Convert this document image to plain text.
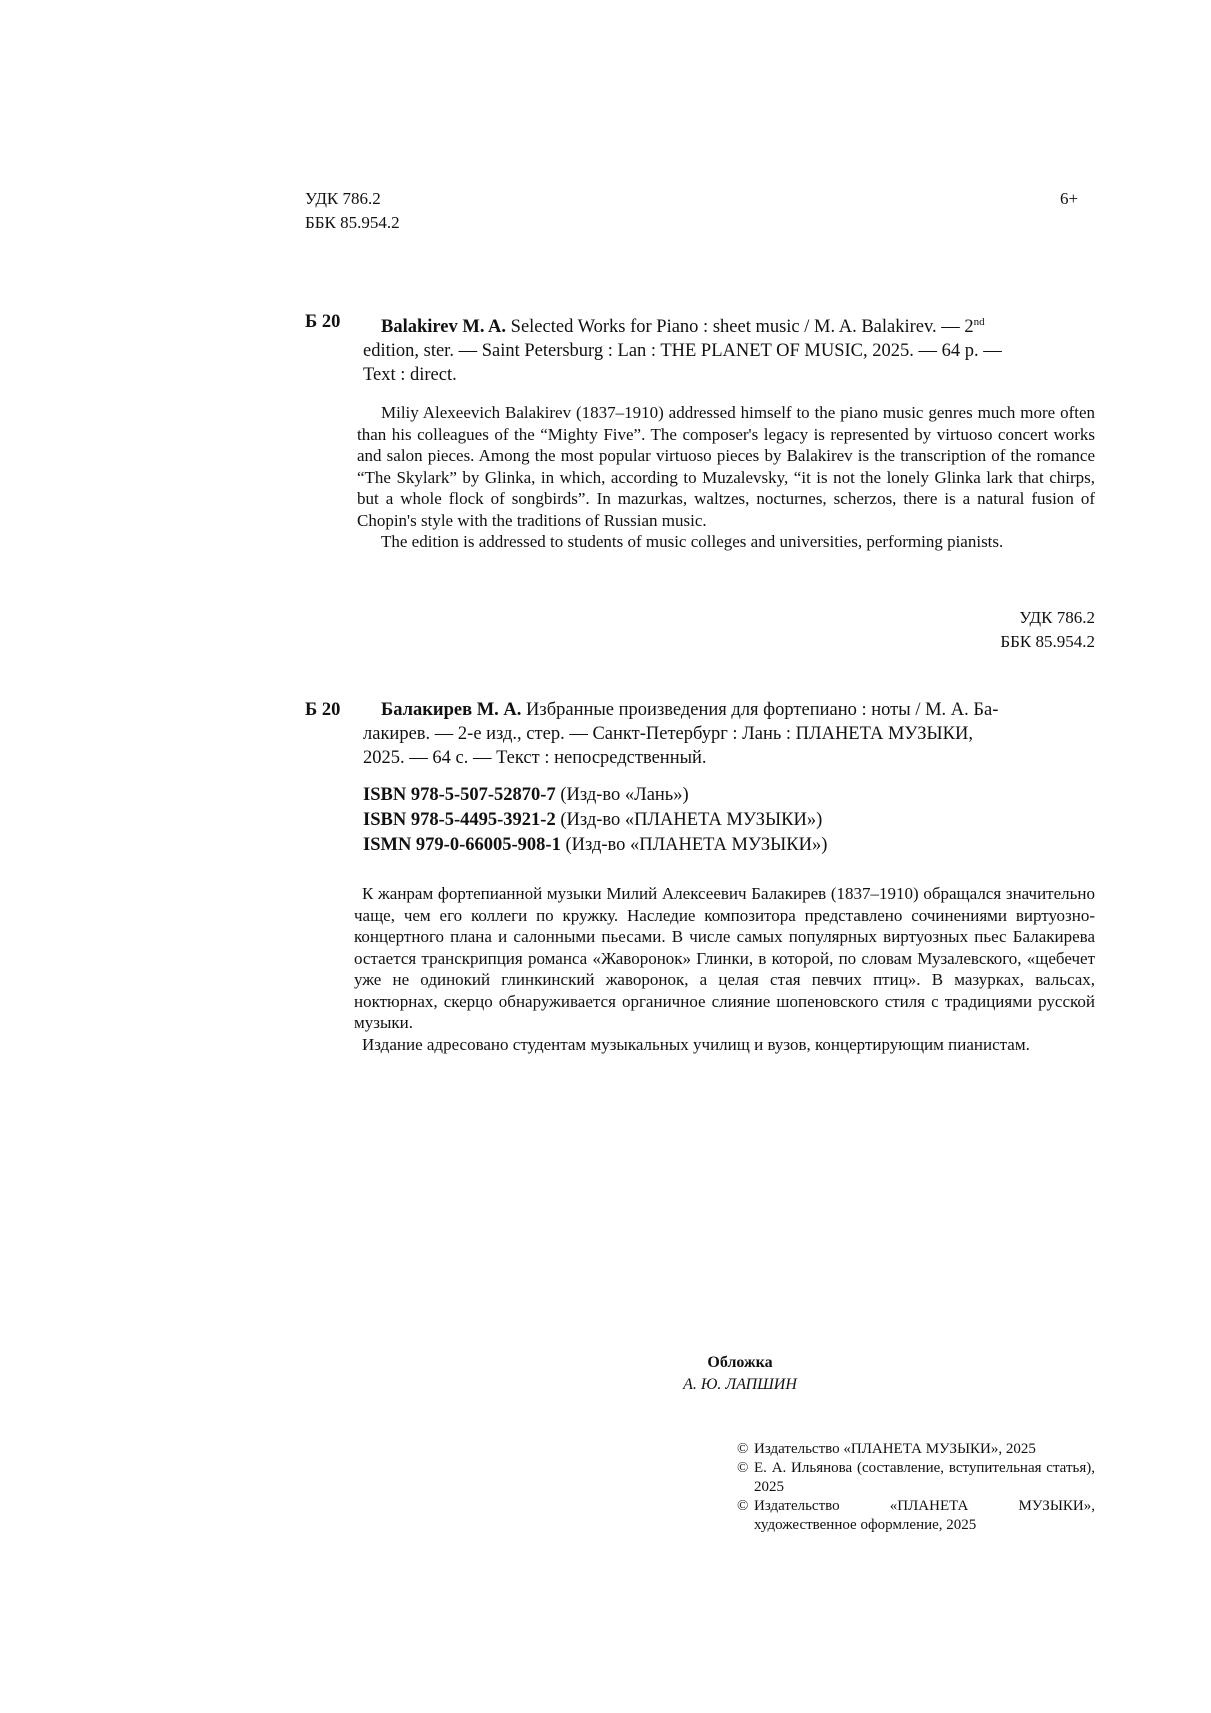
УДК 786.2
ББК 85.954.2
6+
Б 20	Balakirev M. A. Selected Works for Piano : sheet music / M. A. Balakirev. — 2nd
edition, ster. — Saint Petersburg : Lan : THE PLANET OF MUSIC, 2025. — 64 p. —
Text : direct.

Miliy Alexeevich Balakirev (1837–1910) addressed himself to the piano music genres much more often than his colleagues of the “Mighty Five”. The composer's legacy is represented by virtuoso concert works and salon pieces. Among the most popular virtuoso pieces by Balakirev is the transcription of the romance “The Skylark” by Glinka, in which, according to Muzalevsky, “it is not the lonely Glinka lark that chirps, but a whole flock of songbirds”. In mazurkas, waltzes, nocturnes, scherzos, there is a natural fusion of Chopin's style with the traditions of Russian music.

The edition is addressed to students of music colleges and universities, performing pianists.

УДК 786.2
ББК 85.954.2
Б 20	Балакирев М. А. Избранные произведения для фортепиано : ноты / М. А. Ба-
лакирев. — 2-е изд., стер. — Санкт-Петербург : Лань : ПЛАНЕТА МУЗЫКИ,
2025. — 64 с. — Текст : непосредственный.
ISBN 978-5-507-52870-7 (Изд-во «Лань»)
ISBN 978-5-4495-3921-2 (Изд-во «ПЛАНЕТА МУЗЫКИ»)
ISMN 979-0-66005-908-1 (Изд-во «ПЛАНЕТА МУЗЫКИ»)

К жанрам фортепианной музыки Милий Алексеевич Балакирев (1837–1910) обращался значительно чаще, чем его коллеги по кружку. Наследие композитора представлено сочинениями виртуозно-концертного плана и салонными пьесами. В числе самых популярных виртуозных пьес Балакирева остается транскрипция романса «Жаворонок» Глинки, в которой, по словам Музалевского, «щебечет уже не одинокий глинкинский жаворонок, а целая стая певчих птиц». В мазурках, вальсах, ноктюрнах, скерцо обнаруживается органичное слияние шопеновского стиля с традициями русской музыки.

Издание адресовано студентам музыкальных училищ и вузов, концертирующим пианистам.

Обложка
А. Ю. ЛАПШИН
© Издательство «ПЛАНЕТА МУЗЫКИ», 2025
© Е. А. Ильянова (составление, вступительная статья), 2025
© Издательство «ПЛАНЕТА МУЗЫКИ», художественное оформление, 2025
